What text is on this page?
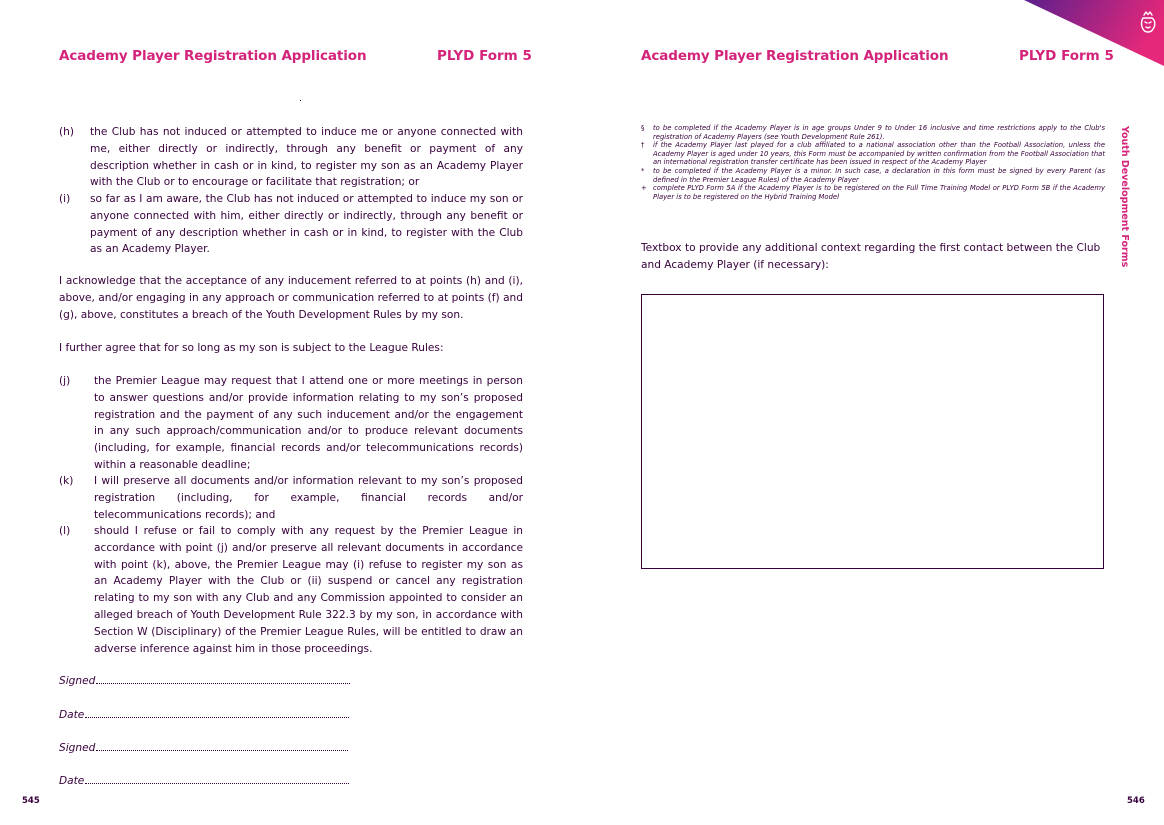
Academy Player Registration Application	PLYD Form 5
(h) the Club has not induced or attempted to induce me or anyone connected with me, either directly or indirectly, through any benefit or payment of any description whether in cash or in kind, to register my son as an Academy Player with the Club or to encourage or facilitate that registration; or
(i) so far as I am aware, the Club has not induced or attempted to induce my son or anyone connected with him, either directly or indirectly, through any benefit or payment of any description whether in cash or in kind, to register with the Club as an Academy Player.
I acknowledge that the acceptance of any inducement referred to at points (h) and (i), above, and/or engaging in any approach or communication referred to at points (f) and (g), above, constitutes a breach of the Youth Development Rules by my son.
I further agree that for so long as my son is subject to the League Rules:
(j) the Premier League may request that I attend one or more meetings in person to answer questions and/or provide information relating to my son’s proposed registration and the payment of any such inducement and/or the engagement in any such approach/communication and/or to produce relevant documents (including, for example, financial records and/or telecommunications records) within a reasonable deadline;
(k) I will preserve all documents and/or information relevant to my son’s proposed registration (including, for example, financial records and/or telecommunications records); and
(l) should I refuse or fail to comply with any request by the Premier League in accordance with point (j) and/or preserve all relevant documents in accordance with point (k), above, the Premier League may (i) refuse to register my son as an Academy Player with the Club or (ii) suspend or cancel any registration relating to my son with any Club and any Commission appointed to consider an alleged breach of Youth Development Rule 322.3 by my son, in accordance with Section W (Disciplinary) of the Premier League Rules, will be entitled to draw an adverse inference against him in those proceedings.
Signed
Date
Signed
Date
545
Academy Player Registration Application	PLYD Form 5
§ to be completed if the Academy Player is in age groups Under 9 to Under 16 inclusive and time restrictions apply to the Club's registration of Academy Players (see Youth Development Rule 261).
† if the Academy Player last played for a club affiliated to a national association other than the Football Association, unless the Academy Player is aged under 10 years, this Form must be accompanied by written confirmation from the Football Association that an international registration transfer certificate has been issued in respect of the Academy Player
* to be completed if the Academy Player is a minor. In such case, a declaration in this form must be signed by every Parent (as defined in the Premier League Rules) of the Academy Player
+ complete PLYD Form 5A if the Academy Player is to be registered on the Full Time Training Model or PLYD Form 5B if the Academy Player is to be registered on the Hybrid Training Model
Textbox to provide any additional context regarding the first contact between the Club and Academy Player (if necessary):	Youth Development Forms
546
